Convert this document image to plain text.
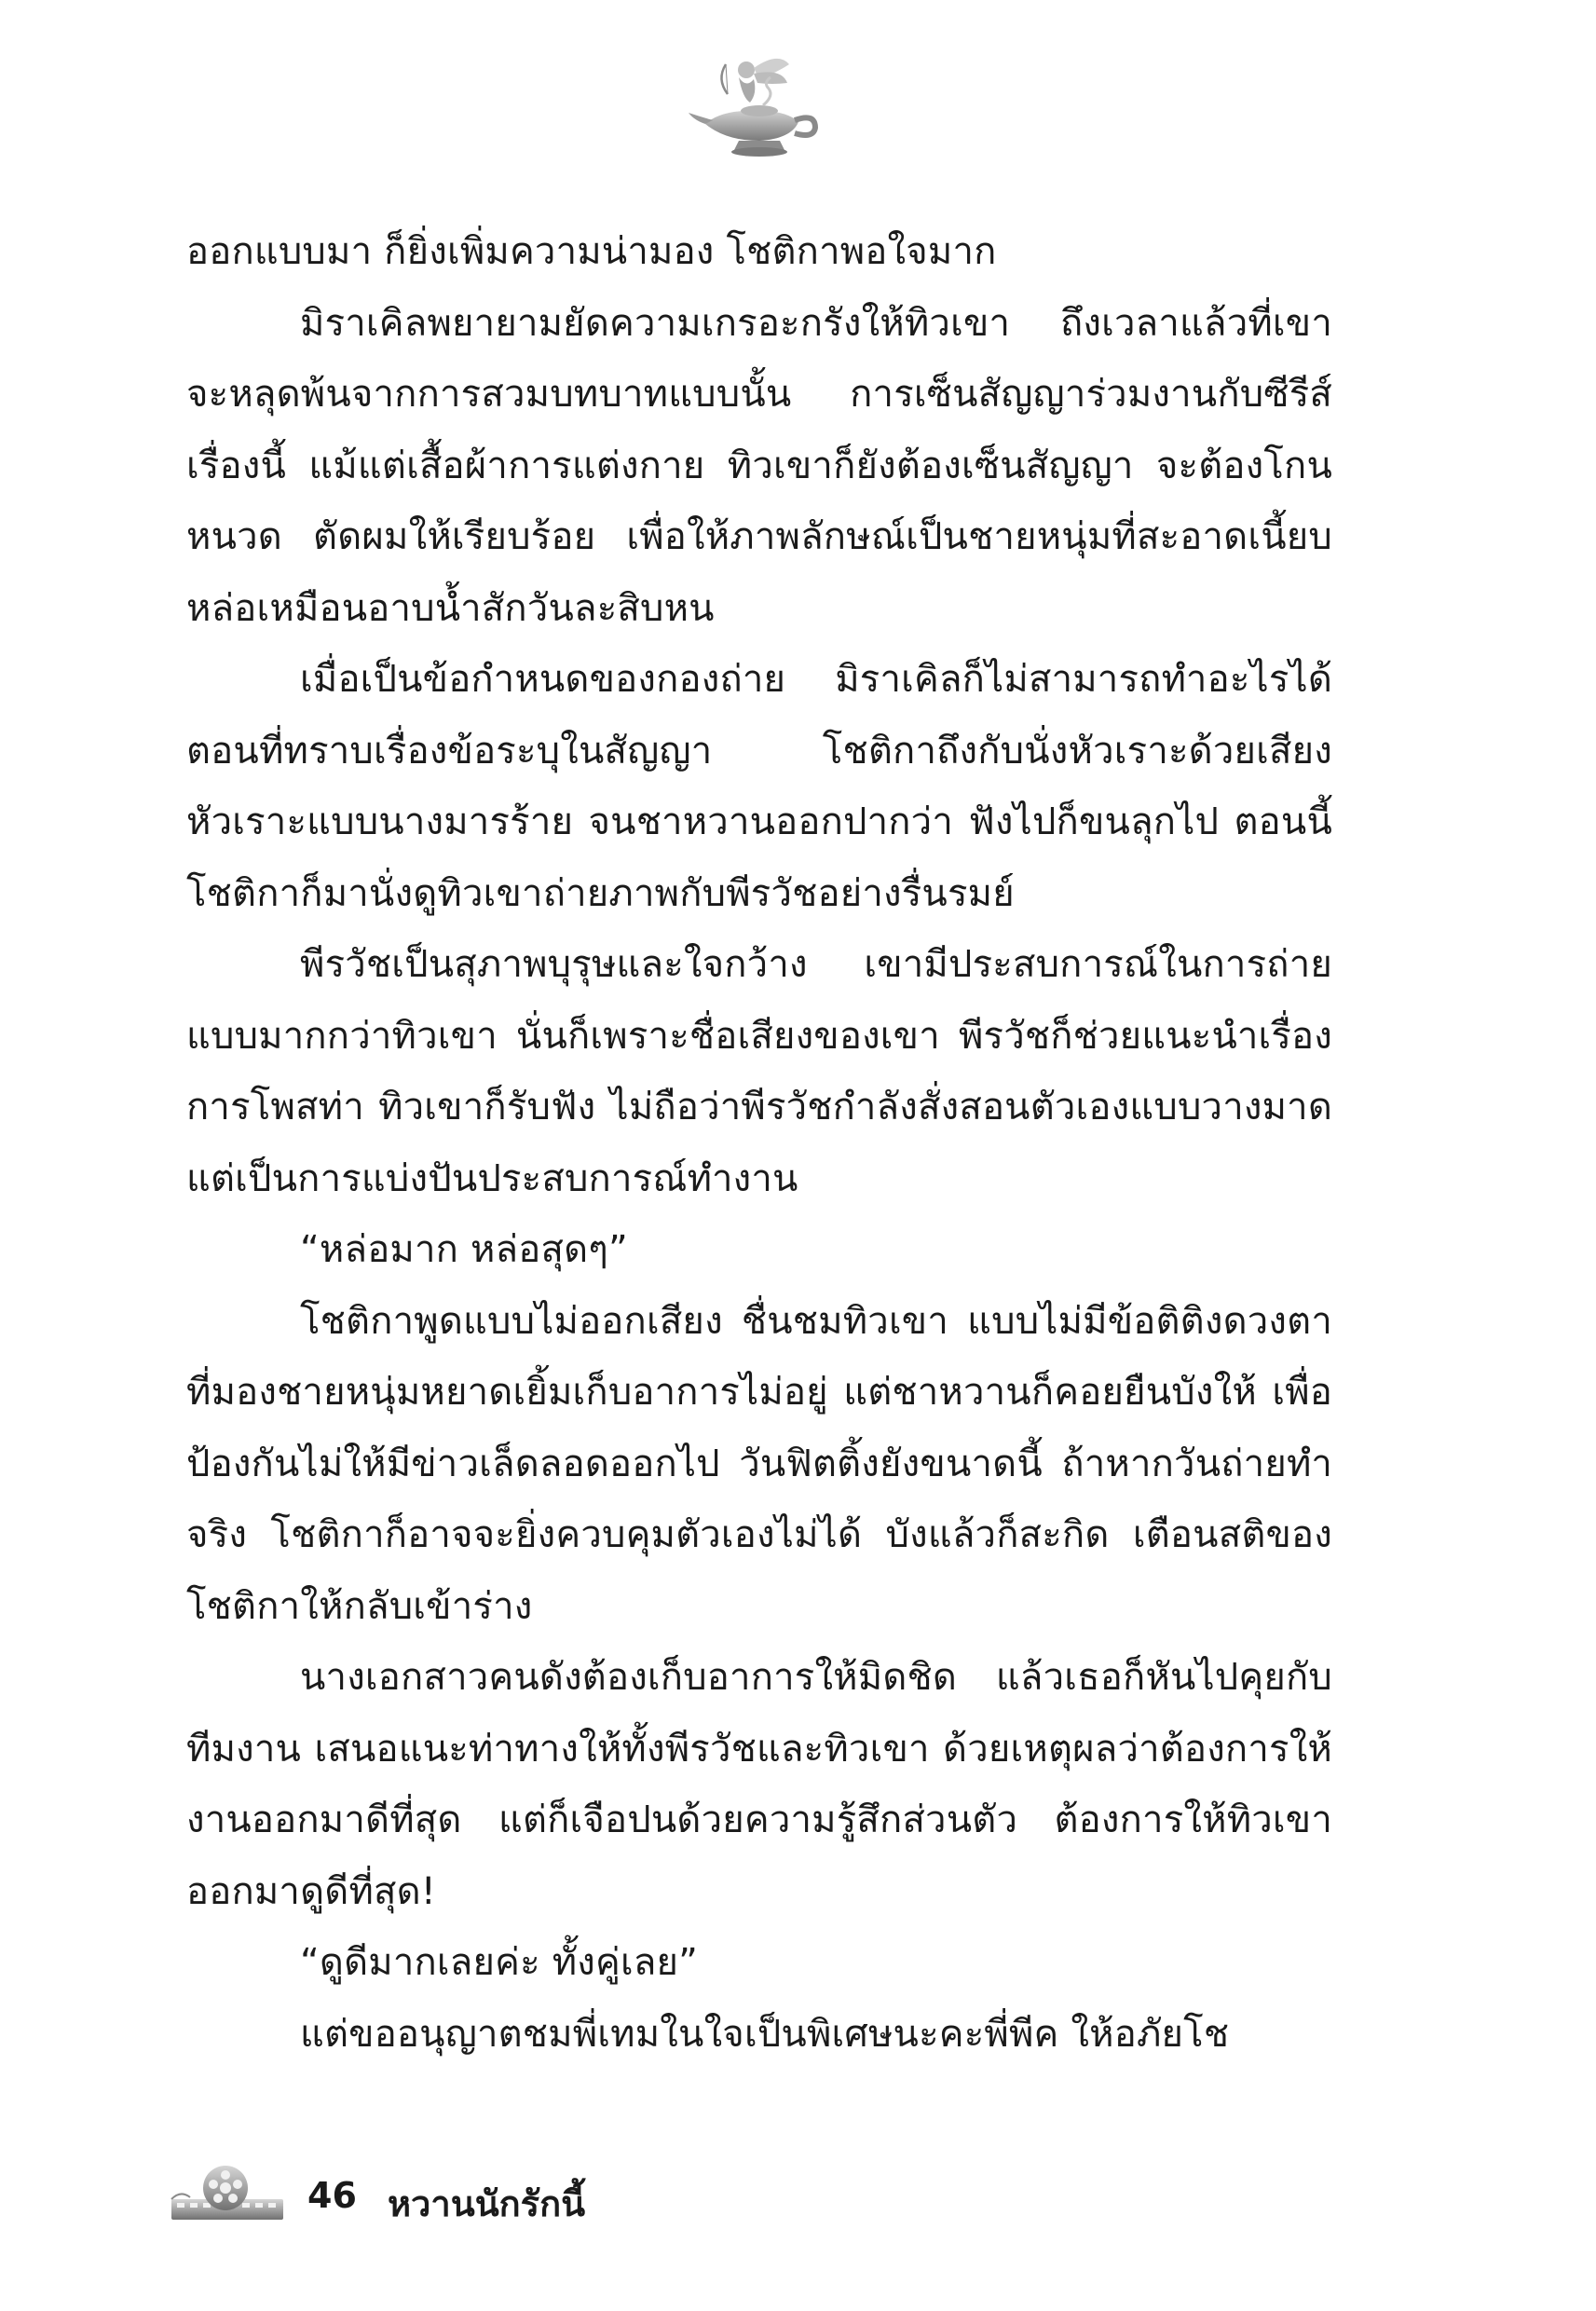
ออกแบบมา ก็ยิ่งเพิ่มความน่ามอง โชติกาพอใจมาก

มิราเคิลพยายามยัดความเกรอะกรังให้ทิวเขา ถึงเวลาแล้วที่เขาจะหลุดพ้นจากการสวมบทบาทแบบนั้น การเซ็นสัญญาร่วมงานกับซีรีส์เรื่องนี้ แม้แต่เสื้อผ้าการแต่งกาย ทิวเขาก็ยังต้องเซ็นสัญญา จะต้องโกนหนวด ตัดผมให้เรียบร้อย เพื่อให้ภาพลักษณ์เป็นชายหนุ่มที่สะอาดเนี้ยบ หล่อเหมือนอาบน้ำสักวันละสิบหน

เมื่อเป็นข้อกำหนดของกองถ่าย มิราเคิลก็ไม่สามารถทำอะไรได้ ตอนที่ทราบเรื่องข้อระบุในสัญญา โชติกาถึงกับนั่งหัวเราะด้วยเสียงหัวเราะแบบนางมารร้าย จนชาหวานออกปากว่า ฟังไปก็ขนลุกไป ตอนนี้โชติกาก็มานั่งดูทิวเขาถ่ายภาพกับพีรวัชอย่างรื่นรมย์

พีรวัชเป็นสุภาพบุรุษและใจกว้าง เขามีประสบการณ์ในการถ่ายแบบมากกว่าทิวเขา นั่นก็เพราะชื่อเสียงของเขา พีรวัชก็ช่วยแนะนำเรื่องการโพสท่า ทิวเขาก็รับฟัง ไม่ถือว่าพีรวัชกำลังสั่งสอนตัวเองแบบวางมาด แต่เป็นการแบ่งปันประสบการณ์ทำงาน

“หล่อมาก หล่อสุดๆ”

โชติกาพูดแบบไม่ออกเสียง ชื่นชมทิวเขา แบบไม่มีข้อติติงดวงตาที่มองชายหนุ่มหยาดเยิ้มเก็บอาการไม่อยู่ แต่ชาหวานก็คอยยืนบังให้ เพื่อป้องกันไม่ให้มีข่าวเล็ดลอดออกไป วันฟิตติ้งยังขนาดนี้ ถ้าหากวันถ่ายทำจริง โชติกาก็อาจจะยิ่งควบคุมตัวเองไม่ได้ บังแล้วก็สะกิด เตือนสติของโชติกาให้กลับเข้าร่าง

นางเอกสาวคนดังต้องเก็บอาการให้มิดชิด แล้วเธอก็หันไปคุยกับทีมงาน เสนอแนะท่าทางให้ทั้งพีรวัชและทิวเขา ด้วยเหตุผลว่าต้องการให้งานออกมาดีที่สุด แต่ก็เจือปนด้วยความรู้สึกส่วนตัว ต้องการให้ทิวเขาออกมาดูดีที่สุด!

“ดูดีมากเลยค่ะ ทั้งคู่เลย”

แต่ขออนุญาตชมพี่เทมในใจเป็นพิเศษนะคะพี่พีค ให้อภัยโช

46 หวานนักรักนี้
